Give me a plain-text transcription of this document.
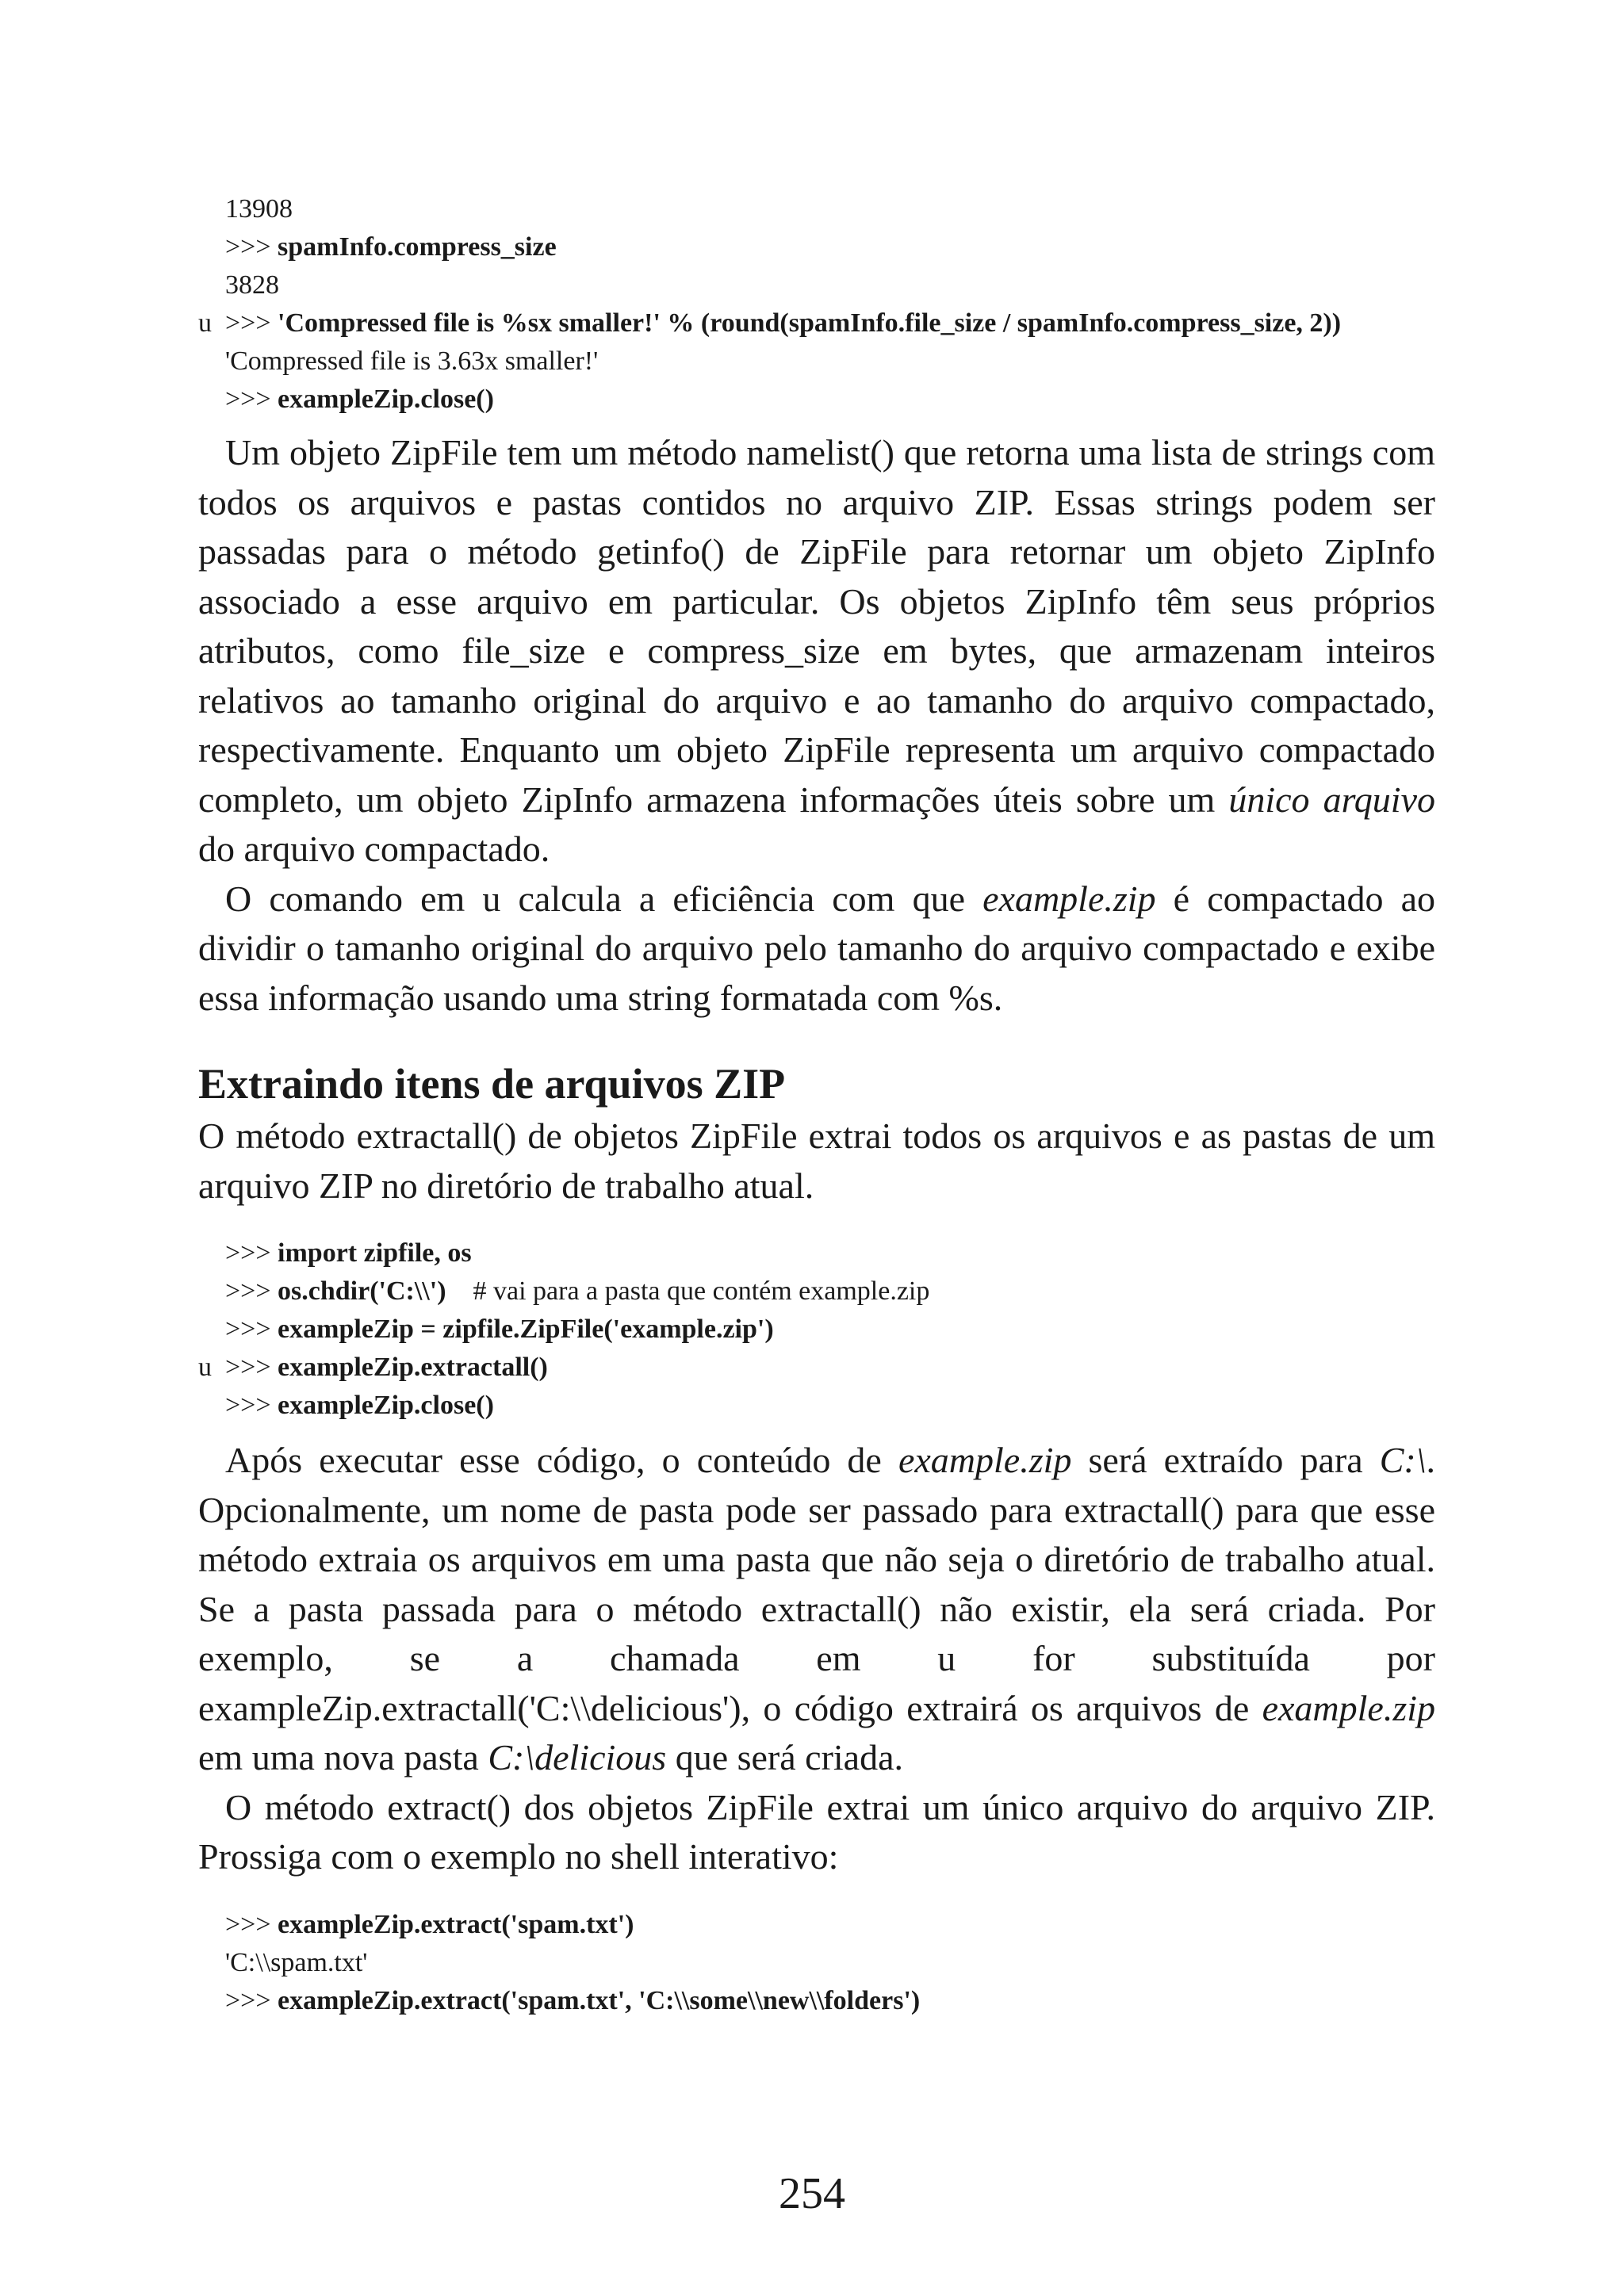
13908
>>> spamInfo.compress_size
3828
u >>> 'Compressed file is %sx smaller!' % (round(spamInfo.file_size / spamInfo.compress_size, 2))
'Compressed file is 3.63x smaller!'
>>> exampleZip.close()

Um objeto ZipFile tem um método namelist() que retorna uma lista de strings com todos os arquivos e pastas contidos no arquivo ZIP. Essas strings podem ser passadas para o método getinfo() de ZipFile para retornar um objeto ZipInfo associado a esse arquivo em particular. Os objetos ZipInfo têm seus próprios atributos, como file_size e compress_size em bytes, que armazenam inteiros relativos ao tamanho original do arquivo e ao tamanho do arquivo compactado, respectivamente. Enquanto um objeto ZipFile representa um arquivo compactado completo, um objeto ZipInfo armazena informações úteis sobre um único arquivo do arquivo compactado.

O comando em u calcula a eficiência com que example.zip é compactado ao dividir o tamanho original do arquivo pelo tamanho do arquivo compactado e exibe essa informação usando uma string formatada com %s.

Extraindo itens de arquivos ZIP

O método extractall() de objetos ZipFile extrai todos os arquivos e as pastas de um arquivo ZIP no diretório de trabalho atual.

>>> import zipfile, os
>>> os.chdir('C:\\')    # vai para a pasta que contém example.zip
>>> exampleZip = zipfile.ZipFile('example.zip')
u >>> exampleZip.extractall()
>>> exampleZip.close()

Após executar esse código, o conteúdo de example.zip será extraído para C:\. Opcionalmente, um nome de pasta pode ser passado para extractall() para que esse método extraia os arquivos em uma pasta que não seja o diretório de trabalho atual. Se a pasta passada para o método extractall() não existir, ela será criada. Por exemplo, se a chamada em u for substituída por exampleZip.extractall('C:\\delicious'), o código extrairá os arquivos de example.zip em uma nova pasta C:\delicious que será criada.

O método extract() dos objetos ZipFile extrai um único arquivo do arquivo ZIP. Prossiga com o exemplo no shell interativo:

>>> exampleZip.extract('spam.txt')
'C:\\spam.txt'
>>> exampleZip.extract('spam.txt', 'C:\\some\\new\\folders')
254
